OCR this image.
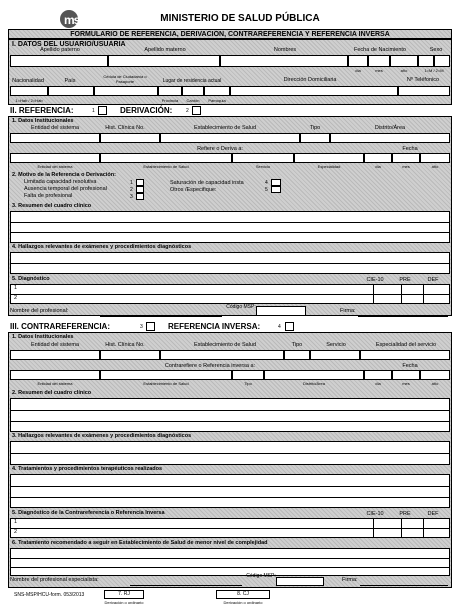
msP	MINISTERIO DE SALUD PÚBLICA
FORMULARIO DE REFERENCIA, DERIVACIÓN, CONTRAREFERENCIA Y REFERENCIA INVERSA
I. DATOS DEL USUARIO/USUARIA
Apellido paterno	Apellido materno	Nombres	Fecha de Nacimiento	Sexo
día	mes	año	1=M / 2=M
Nacionalidad	País
Cédula de Ciudadanía o Pasaporte	Lugar de residencia actual	Dirección Domiciliaria	Nº Teléfonico
1=Hab / 2=Hab	Provincia	Cantón	Parroquia
II. REFERENCIA:	1	DERIVACIÓN:	2
1. Datos Institucionales
Entidad del sistema	Hist. Clínica No.	Establecimiento de Salud	Tipo	Distrito/Área
Refiere o Deriva a:	Fecha
Entidad del sistema	Establecimiento de Salud	Servicio	Especialidad	día	mes	año
2. Motivo de la Referencia o Derivación:
Limitada capacidad resolutiva
Ausencia temporal del profesional
Falta de profesional
1
2
3
Saturación de capacidad insta
Otros /Especifique:
4
5
3. Resumen del cuadro clínico
4. Hallazgos relevantes de exámenes y procedimientos diagnósticos
5. Diagnóstico	CIE-10	PRE	DEF
1
2
Nombre del profesional:
Código MSP:
Firma:
III. CONTRAREFERENCIA:	3	REFERENCIA INVERSA:	4
1. Datos Institucionales
Entidad del sistema	Hist. Clínica No.	Establecimiento de Salud	Tipo	Servicio	Especialidad del servicio
Contrarefiere o Referencia inversa a:	Fecha
Entidad del sistema	Establecimiento de Salud	Tipo	Distrito/Área	día	mes	año
2. Resumen del cuadro clínico
3. Hallazgos relevantes de exámenes y procedimientos diagnósticos
4. Tratamientos y procedimientos terapéuticos realizados
5. Diagnóstico de la Contrareferencia o Referencia Inversa	CIE-10	PRE	DEF
1
2
6. Tratamiento recomendado a seguir en Establecimiento de Salud de menor nivel de complejidad
Nombre del profesional especialista:
Código MSP:
Firma:
SNS-MSP/HCU-form. 053/2013	7. RJ
Derivación o ordinario
8. CJ
Derivación o ordinario
